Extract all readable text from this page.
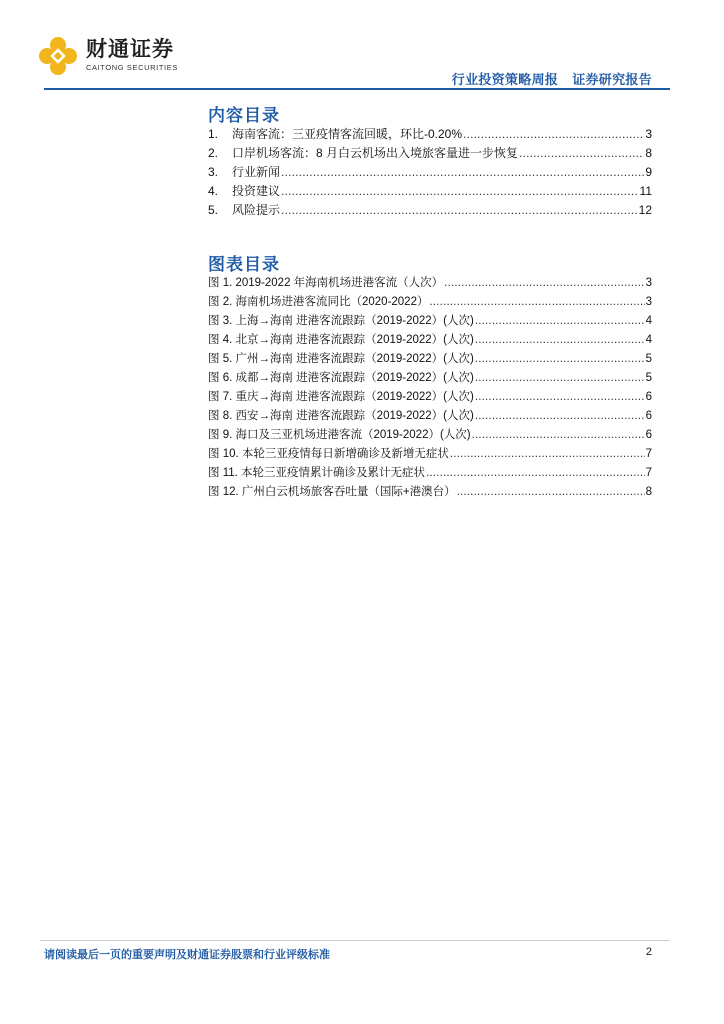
财通证券
CAITONG SECURITIES
行业投资策略周报 证券研究报告
内容目录
1.	海南客流：三亚疫情客流回暖，环比-0.20% .....	3
2.	口岸机场客流：8 月白云机场出入境旅客量进一步恢复 .....	8
3.	行业新闻 .....	9
4.	投资建议 .....	11
5.	风险提示 .....	12
图表目录
图 1. 2019-2022 年海南机场进港客流（人次） .....	3
图 2. 海南机场进港客流同比（2020-2022） .....	3
图 3. 上海→海南 进港客流跟踪（2019-2022）(人次) .....	4
图 4. 北京→海南 进港客流跟踪（2019-2022）(人次) .....	4
图 5. 广州→海南 进港客流跟踪（2019-2022）(人次) .....	5
图 6. 成都→海南 进港客流跟踪（2019-2022）(人次) .....	5
图 7. 重庆→海南 进港客流跟踪（2019-2022）(人次) .....	6
图 8. 西安→海南 进港客流跟踪（2019-2022）(人次) .....	6
图 9. 海口及三亚机场进港客流（2019-2022）(人次) .....	6
图 10. 本轮三亚疫情每日新增确诊及新增无症状 .....	7
图 11. 本轮三亚疫情累计确诊及累计无症状 .....	7
图 12. 广州白云机场旅客吞吐量（国际+港澳台） .....	8
请阅读最后一页的重要声明及财通证券股票和行业评级标准	2
